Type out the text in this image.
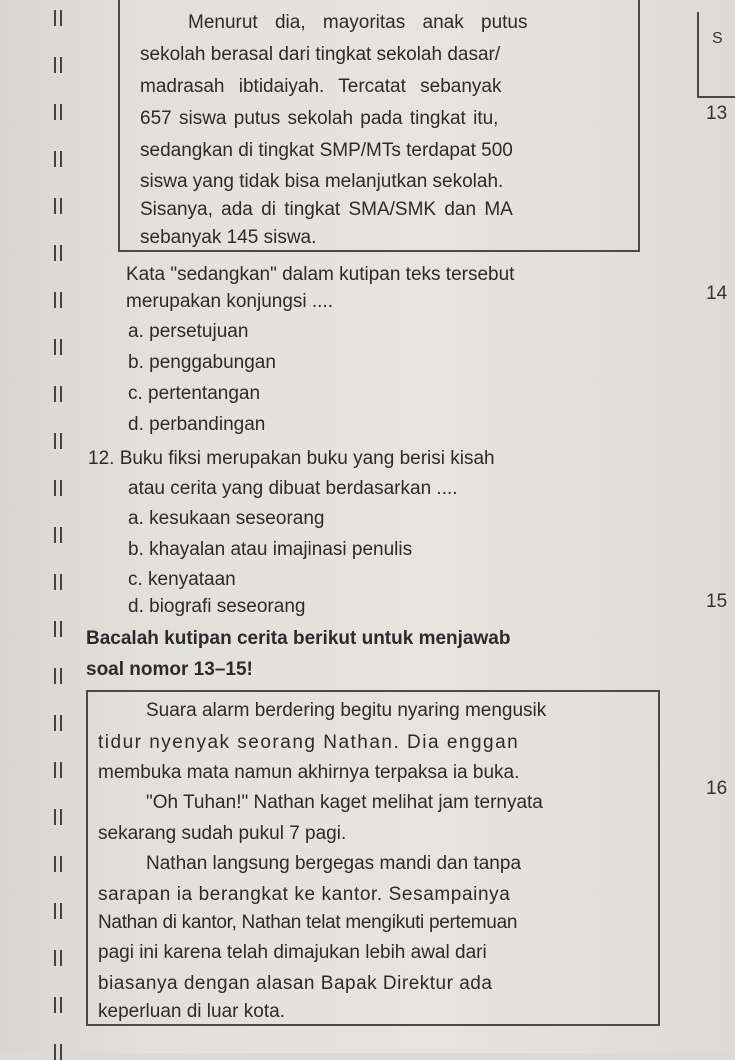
Menurut dia, mayoritas anak putus
sekolah berasal dari tingkat sekolah dasar/
madrasah ibtidaiyah. Tercatat sebanyak
657 siswa putus sekolah pada tingkat itu,
sedangkan di tingkat SMP/MTs terdapat 500
siswa yang tidak bisa melanjutkan sekolah.
Sisanya, ada di tingkat SMA/SMK dan MA
sebanyak 145 siswa.
Kata "sedangkan" dalam kutipan teks tersebut
merupakan konjungsi ....
a. persetujuan
b. penggabungan
c. pertentangan
d. perbandingan
12. Buku fiksi merupakan buku yang berisi kisah
atau cerita yang dibuat berdasarkan ....
a. kesukaan seseorang
b. khayalan atau imajinasi penulis
c. kenyataan
d. biografi seseorang
Bacalah kutipan cerita berikut untuk menjawab
soal nomor 13–15!
Suara alarm berdering begitu nyaring mengusik
tidur nyenyak seorang Nathan. Dia enggan
membuka mata namun akhirnya terpaksa ia buka.
"Oh Tuhan!" Nathan kaget melihat jam ternyata
sekarang sudah pukul 7 pagi.
Nathan langsung bergegas mandi dan tanpa
sarapan ia berangkat ke kantor. Sesampainya
Nathan di kantor, Nathan telat mengikuti pertemuan
pagi ini karena telah dimajukan lebih awal dari
biasanya dengan alasan Bapak Direktur ada
keperluan di luar kota.
S
13
14
15
16
